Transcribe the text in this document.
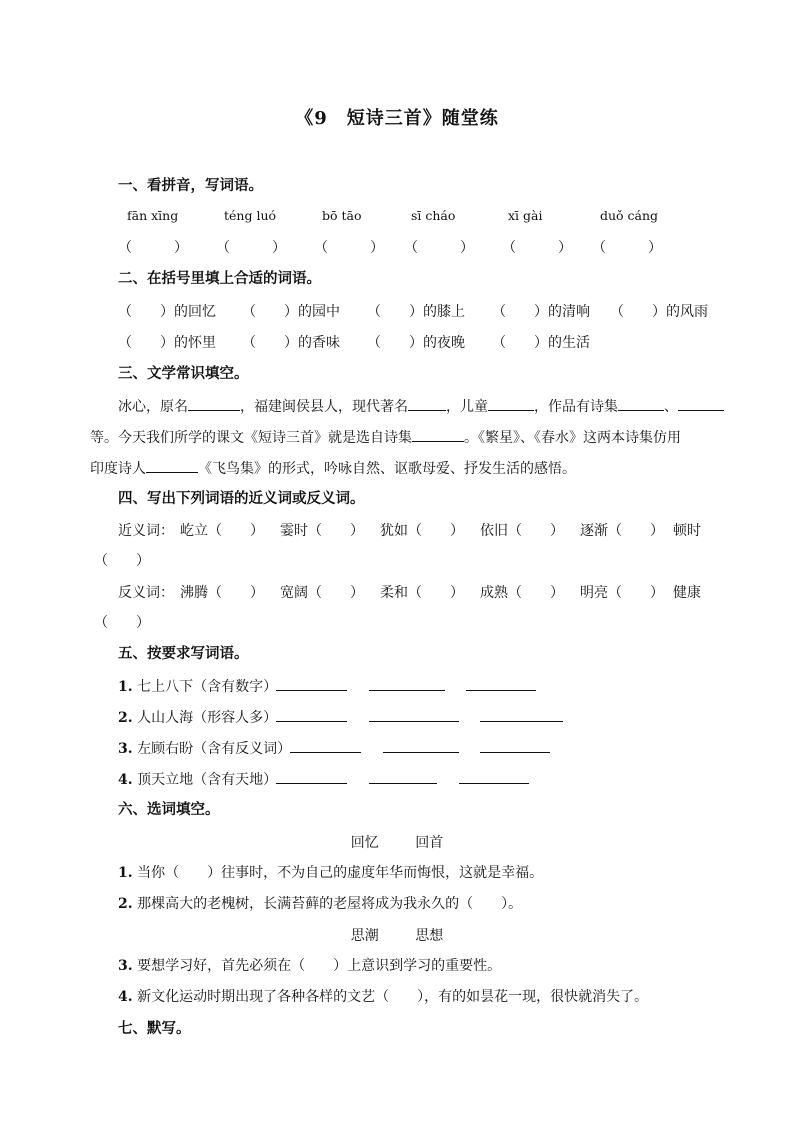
《9　短诗三首》随堂练
一、看拼音，写词语。
fān xīng	téng luó	bō tāo	sī cháo	xī gài	duǒ cáng
（　　　） （　　　） （　　　） （　　　） （　　　） （　　　）
二、在括号里填上合适的词语。
（　　）的回忆 （　　）的园中 （　　）的膝上 （　　）的清响 （　　）的风雨
（　　）的怀里 （　　）的香味 （　　）的夜晚 （　　）的生活
三、文学常识填空。
冰心，原名	，福建闽侯县人，现代著名	，儿童	，作品有诗集	、
等。今天我们所学的课文《短诗三首》就是选自诗集	。《繁星》、《春水》这两本诗集仿用
印度诗人	《飞鸟集》的形式，吟咏自然、讴歌母爱、抒发生活的感悟。
四、写出下列词语的近义词或反义词。
近义词： 屹立（　　） 霎时（　　） 犹如（　　） 依旧（　　） 逐渐（　　） 顿时
（　　）
反义词： 沸腾（　　） 宽阔（　　） 柔和（　　） 成熟（　　） 明亮（　　） 健康
（　　）
五、按要求写词语。
1. 七上八下（含有数字）
2. 人山人海（形容人多）
3. 左顾右盼（含有反义词）
4. 顶天立地（含有天地）
六、选词填空。
回忆	回首
1. 当你（　　）往事时，不为自己的虚度年华而悔恨，这就是幸福。
2. 那棵高大的老槐树，长满苔藓的老屋将成为我永久的（　　）。
思潮	思想
3. 要想学习好，首先必须在（　　）上意识到学习的重要性。
4. 新文化运动时期出现了各种各样的文艺（　　），有的如昙花一现，很快就消失了。
七、默写。
